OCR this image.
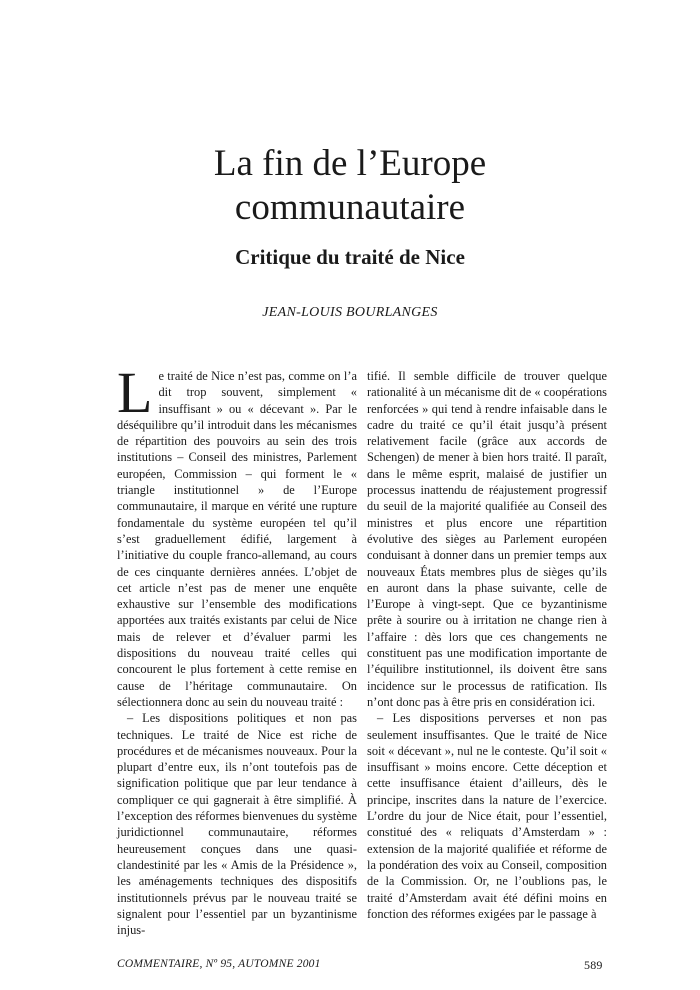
La fin de l’Europe
communautaire
Critique du traité de Nice
JEAN-LOUIS BOURLANGES

Le traité de Nice n’est pas, comme on l’a dit trop souvent, simplement « insuffisant » ou « décevant ». Par le déséquilibre qu’il introduit dans les mécanismes de répartition des pouvoirs au sein des trois institutions – Conseil des ministres, Parlement européen, Commission – qui forment le « triangle institutionnel » de l’Europe communautaire, il marque en vérité une rupture fondamentale du système européen tel qu’il s’est graduellement édifié, largement à l’initiative du couple franco-allemand, au cours de ces cinquante dernières années. L’objet de cet article n’est pas de mener une enquête exhaustive sur l’ensemble des modifications apportées aux traités existants par celui de Nice mais de relever et d’évaluer parmi les dispositions du nouveau traité celles qui concourent le plus fortement à cette remise en cause de l’héritage communautaire. On sélectionnera donc au sein du nouveau traité :

– Les dispositions politiques et non pas techniques. Le traité de Nice est riche de procédures et de mécanismes nouveaux. Pour la plupart d’entre eux, ils n’ont toutefois pas de signification politique que par leur tendance à compliquer ce qui gagnerait à être simplifié. À l’exception des réformes bienvenues du système juridictionnel communautaire, réformes heureusement conçues dans une quasi-clandestinité par les « Amis de la Présidence », les aménagements techniques des dispositifs institutionnels prévus par le nouveau traité se signalent pour l’essentiel par un byzantinisme injus-

tifié. Il semble difficile de trouver quelque rationalité à un mécanisme dit de « coopérations renforcées » qui tend à rendre infaisable dans le cadre du traité ce qu’il était jusqu’à présent relativement facile (grâce aux accords de Schengen) de mener à bien hors traité. Il paraît, dans le même esprit, malaisé de justifier un processus inattendu de réajustement progressif du seuil de la majorité qualifiée au Conseil des ministres et plus encore une répartition évolutive des sièges au Parlement européen conduisant à donner dans un premier temps aux nouveaux États membres plus de sièges qu’ils en auront dans la phase suivante, celle de l’Europe à vingt-sept. Que ce byzantinisme prête à sourire ou à irritation ne change rien à l’affaire : dès lors que ces changements ne constituent pas une modification importante de l’équilibre institutionnel, ils doivent être sans incidence sur le processus de ratification. Ils n’ont donc pas à être pris en considération ici.

– Les dispositions perverses et non pas seulement insuffisantes. Que le traité de Nice soit « décevant », nul ne le conteste. Qu’il soit « insuffisant » moins encore. Cette déception et cette insuffisance étaient d’ailleurs, dès le principe, inscrites dans la nature de l’exercice. L’ordre du jour de Nice était, pour l’essentiel, constitué des « reliquats d’Amsterdam » : extension de la majorité qualifiée et réforme de la pondération des voix au Conseil, composition de la Commission. Or, ne l’oublions pas, le traité d’Amsterdam avait été défini moins en fonction des réformes exigées par le passage à

COMMENTAIRE, Nº 95, AUTOMNE 2001	589
